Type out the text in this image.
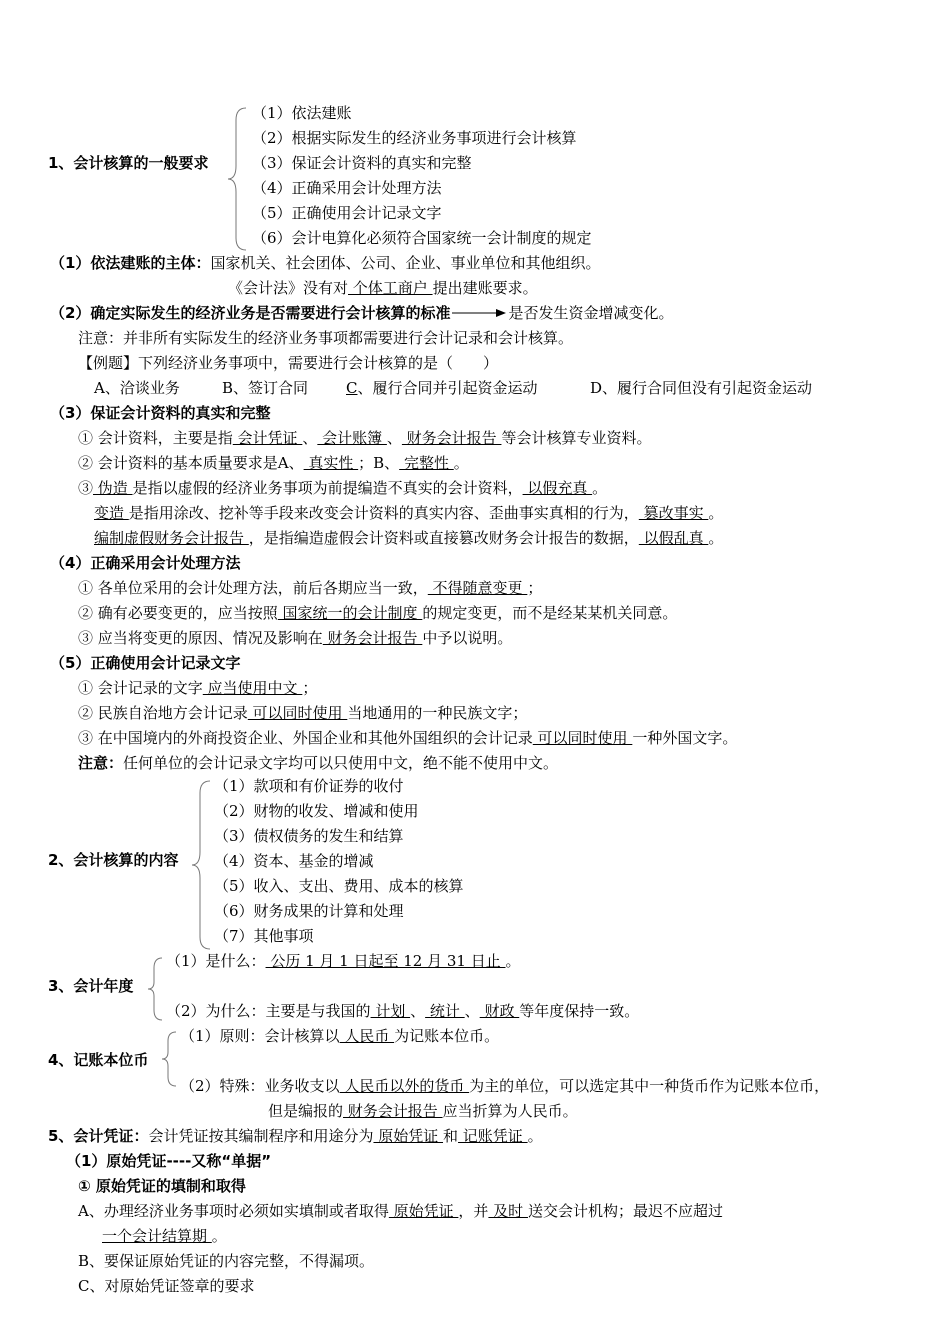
1、会计核算的一般要求
（1）依法建账
（2）根据实际发生的经济业务事项进行会计核算
（3）保证会计资料的真实和完整
（4）正确采用会计处理方法
（5）正确使用会计记录文字
（6）会计电算化必须符合国家统一会计制度的规定
（1）依法建账的主体：国家机关、社会团体、公司、企业、事业单位和其他组织。
《会计法》没有对 个体工商户 提出建账要求。
（2）确定实际发生的经济业务是否需要进行会计核算的标准	是否发生资金增减变化。
注意：并非所有实际发生的经济业务事项都需要进行会计记录和会计核算。
【例题】下列经济业务事项中，需要进行会计核算的是（　　）
A、洽谈业务	B、签订合同	C、履行合同并引起资金运动	D、履行合同但没有引起资金运动
（3）保证会计资料的真实和完整
① 会计资料，主要是指 会计凭证 、 会计账簿 、 财务会计报告 等会计核算专业资料。
② 会计资料的基本质量要求是A、 真实性 ；B、 完整性 。
③ 伪造 是指以虚假的经济业务事项为前提编造不真实的会计资料， 以假充真 。
变造 是指用涂改、挖补等手段来改变会计资料的真实内容、歪曲事实真相的行为， 篡改事实 。
编制虚假财务会计报告 ，是指编造虚假会计资料或直接篡改财务会计报告的数据， 以假乱真 。
（4）正确采用会计处理方法
① 各单位采用的会计处理方法，前后各期应当一致， 不得随意变更 ；
② 确有必要变更的，应当按照 国家统一的会计制度 的规定变更，而不是经某某机关同意。
③ 应当将变更的原因、情况及影响在 财务会计报告 中予以说明。
（5）正确使用会计记录文字
① 会计记录的文字 应当使用中文 ；
② 民族自治地方会计记录 可以同时使用 当地通用的一种民族文字；
③ 在中国境内的外商投资企业、外国企业和其他外国组织的会计记录 可以同时使用 一种外国文字。
注意：任何单位的会计记录文字均可以只使用中文，绝不能不使用中文。
2、会计核算的内容
（1）款项和有价证券的收付
（2）财物的收发、增减和使用
（3）债权债务的发生和结算
（4）资本、基金的增减
（5）收入、支出、费用、成本的核算
（6）财务成果的计算和处理
（7）其他事项
3、会计年度
（1）是什么： 公历 1 月 1 日起至 12 月 31 日止 。
（2）为什么：主要是与我国的 计划 、 统计 、 财政 等年度保持一致。
4、记账本位币
（1）原则：会计核算以 人民币 为记账本位币。
（2）特殊：业务收支以 人民币以外的货币 为主的单位，可以选定其中一种货币作为记账本位币，
但是编报的 财务会计报告 应当折算为人民币。
5、会计凭证：会计凭证按其编制程序和用途分为 原始凭证 和 记账凭证 。
（1）原始凭证----又称“单据”
① 原始凭证的填制和取得
A、办理经济业务事项时必须如实填制或者取得 原始凭证 ，并 及时 送交会计机构；最迟不应超过
一个会计结算期 。
B、要保证原始凭证的内容完整，不得漏项。
C、对原始凭证签章的要求
